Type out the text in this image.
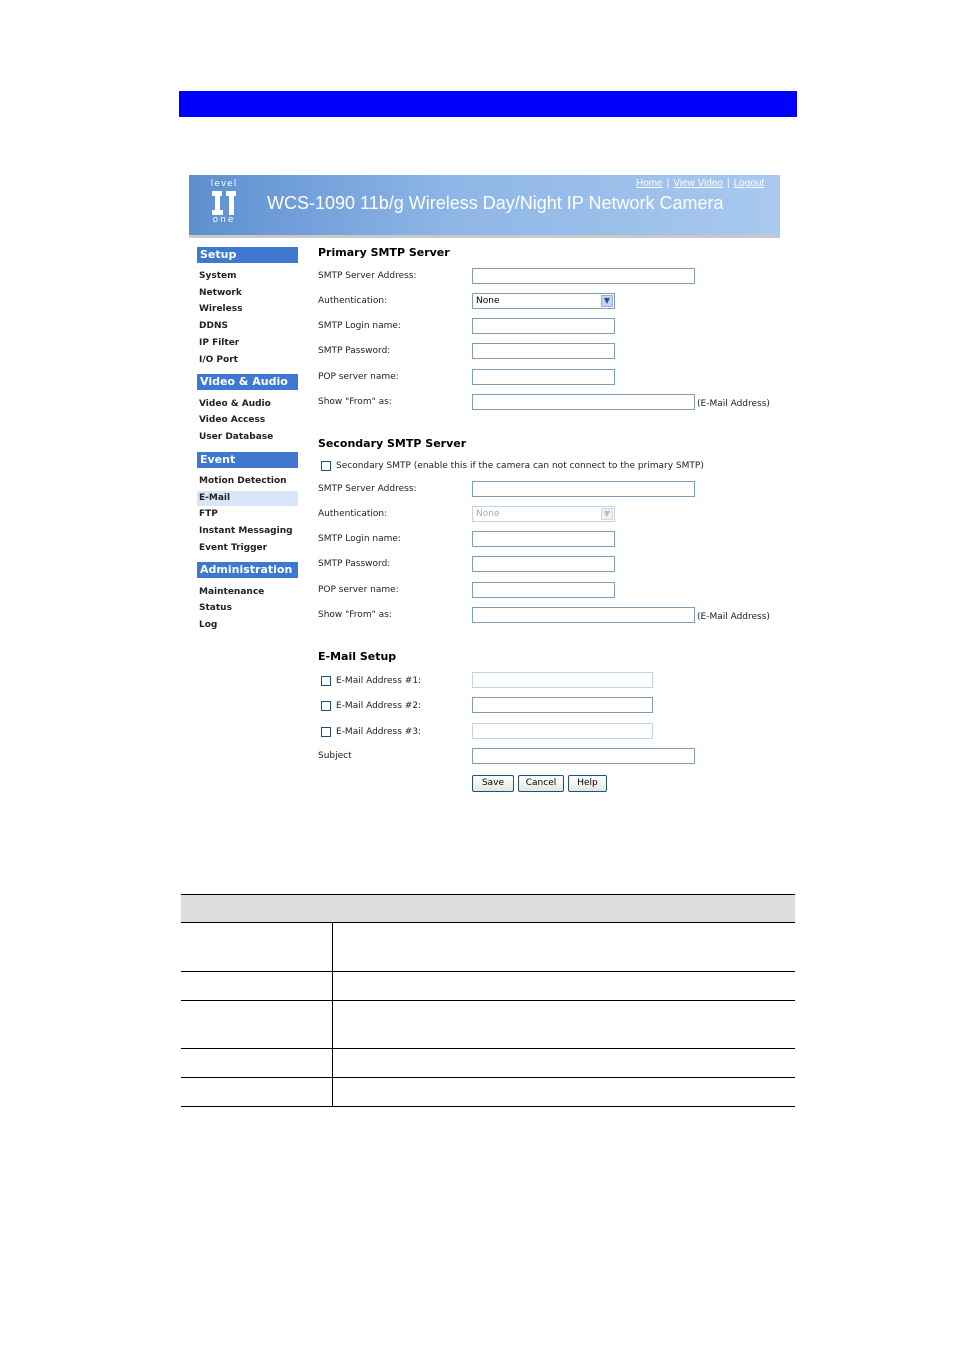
level
one
WCS-1090 11b/g Wireless Day/Night IP Network Camera
Home | View Video | Logout
Setup
System
Network
Wireless
DDNS
IP Filter
I/O Port
Video & Audio
Video & Audio
Video Access
User Database
Event
Motion Detection
E-Mail
FTP
Instant Messaging
Event Trigger
Administration
Maintenance
Status
Log
Primary SMTP Server
SMTP Server Address:
Authentication:	None	▼
SMTP Login name:
SMTP Password:
POP server name:
Show "From" as:	(E-Mail Address)
Secondary SMTP Server
Secondary SMTP (enable this if the camera can not connect to the primary SMTP)
SMTP Server Address:
Authentication:	None	▼
SMTP Login name:
SMTP Password:
POP server name:
Show "From" as:	(E-Mail Address)
E-Mail Setup
E-Mail Address #1:
E-Mail Address #2:
E-Mail Address #3:
Subject
Save	Cancel	Help
